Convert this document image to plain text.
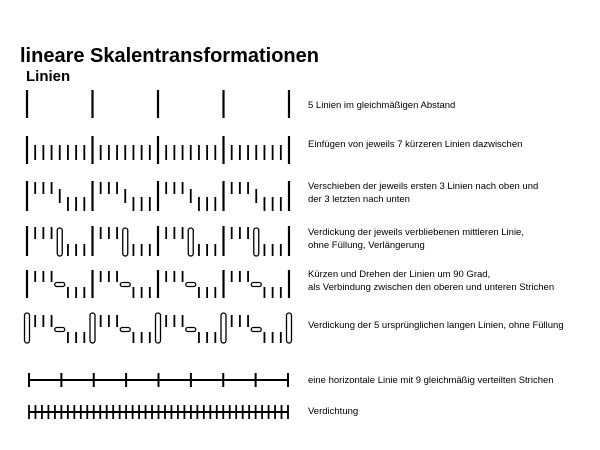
lineare Skalentransformationen
Linien
5 Linien im gleichmäßigen Abstand
Einfügen von jeweils 7 kürzeren Linien dazwischen
Verschieben der jeweils ersten 3 Linien nach oben und
der 3 letzten nach unten
Verdickung der jeweils verbliebenen mittleren Linie,
ohne Füllung, Verlängerung
Kürzen und Drehen der Linien um 90 Grad,
als Verbindung zwischen den oberen und unteren Strichen
Verdickung der 5 ursprünglichen langen Linien, ohne Füllung
eine horizontale Linie mit 9 gleichmäßig verteilten Strichen
Verdichtung
